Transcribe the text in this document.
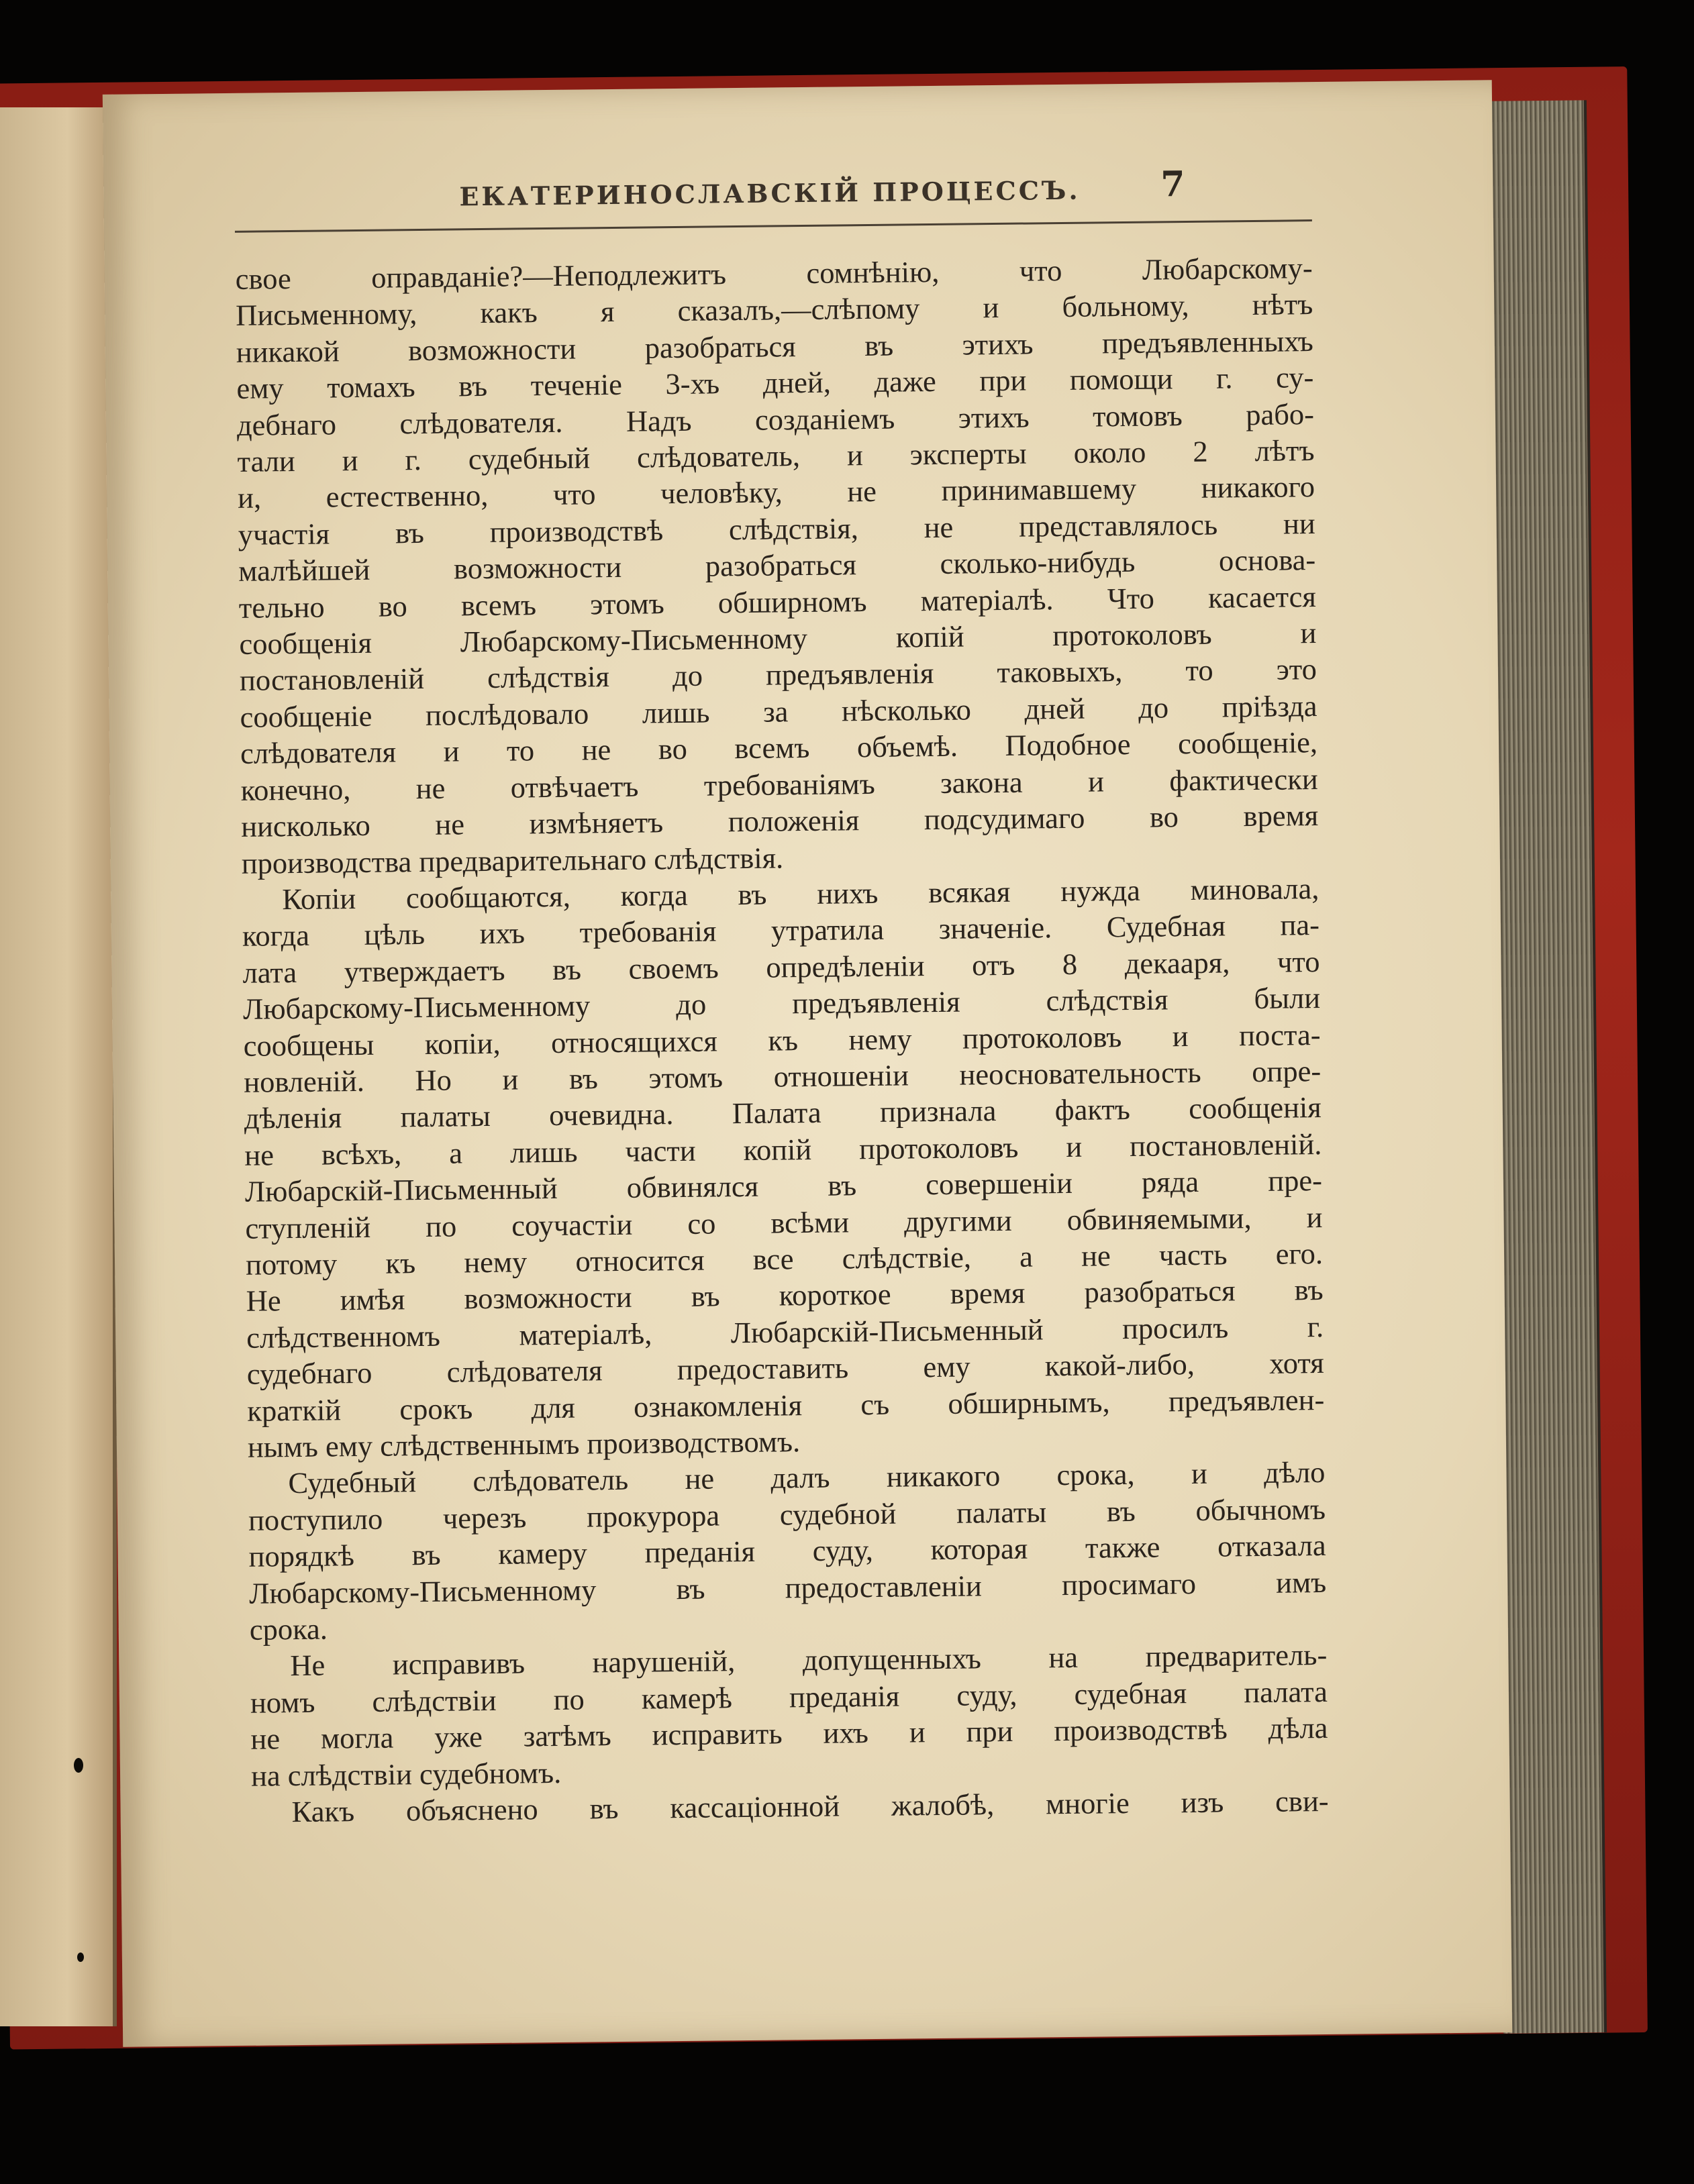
ЕКАТЕРИНОСЛАВСКІЙ ПРОЦЕССЪ. 7
свое оправданіе?—Неподлежитъ сомнѣнію, что Любарскому-
Письменному, какъ я сказалъ,—слѣпому и больному, нѣтъ
никакой возможности разобраться въ этихъ предъявленныхъ
ему томахъ въ теченіе 3-хъ дней, даже при помощи г. су-
дебнаго слѣдователя. Надъ созданіемъ этихъ томовъ рабо-
тали и г. судебный слѣдователь, и эксперты около 2 лѣтъ
и, естественно, что человѣку, не принимавшему никакого
участія въ производствѣ слѣдствія, не представлялось ни
малѣйшей возможности разобраться сколько-нибудь основа-
тельно во всемъ этомъ обширномъ матеріалѣ. Что касается
сообщенія Любарскому-Письменному копій протоколовъ и
постановленій слѣдствія до предъявленія таковыхъ, то это
сообщеніе послѣдовало лишь за нѣсколько дней до пріѣзда
слѣдователя и то не во всемъ объемѣ. Подобное сообщеніе,
конечно, не отвѣчаетъ требованіямъ закона и фактически
нисколько не измѣняетъ положенія подсудимаго во время
производства предварительнаго слѣдствія.
Копіи сообщаются, когда въ нихъ всякая нужда миновала,
когда цѣль ихъ требованія утратила значеніе. Судебная па-
лата утверждаетъ въ своемъ опредѣленіи отъ 8 декааря, что
Любарскому-Письменному до предъявленія слѣдствія были
сообщены копіи, относящихся къ нему протоколовъ и поста-
новленій. Но и въ этомъ отношеніи неосновательность опре-
дѣленія палаты очевидна. Палата признала фактъ сообщенія
не всѣхъ, а лишь части копій протоколовъ и постановленій.
Любарскій-Письменный обвинялся въ совершеніи ряда пре-
ступленій по соучастіи со всѣми другими обвиняемыми, и
потому къ нему относится все слѣдствіе, а не часть его.
Не имѣя возможности въ короткое время разобраться въ
слѣдственномъ матеріалѣ, Любарскій-Письменный просилъ г.
судебнаго слѣдователя предоставить ему какой-либо, хотя
краткій срокъ для ознакомленія съ обширнымъ, предъявлен-
нымъ ему слѣдственнымъ производствомъ.
Судебный слѣдователь не далъ никакого срока, и дѣло
поступило черезъ прокурора судебной палаты въ обычномъ
порядкѣ въ камеру преданія суду, которая также отказала
Любарскому-Письменному въ предоставленіи просимаго имъ
срока.
Не исправивъ нарушеній, допущенныхъ на предваритель-
номъ слѣдствіи по камерѣ преданія суду, судебная палата
не могла уже затѣмъ исправить ихъ и при производствѣ дѣла
на слѣдствіи судебномъ.
Какъ объяснено въ кассаціонной жалобѣ, многіе изъ сви-
